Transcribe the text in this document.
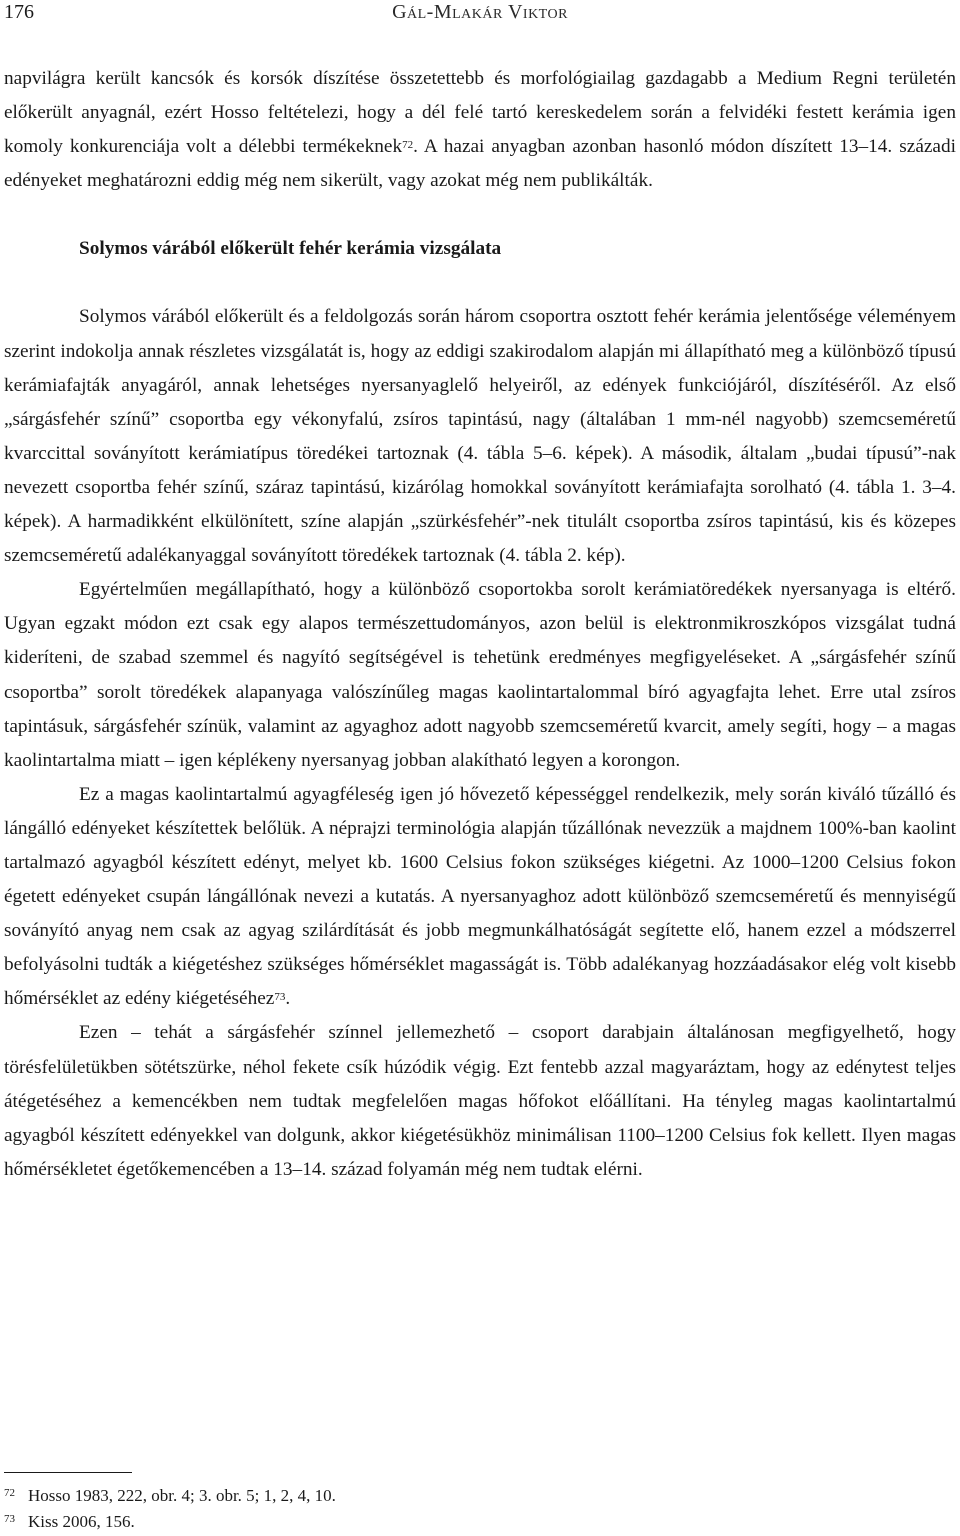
176	Gál-Mlakár Viktor

napvilágra került kancsók és korsók díszítése összetettebb és morfológiailag gazdagabb a Medium Regni területén előkerült anyagnál, ezért Hosso feltételezi, hogy a dél felé tartó kereskedelem során a felvidéki festett kerámia igen komoly konkurenciája volt a délebbi termékeknek$^{72}$. A hazai anyagban azonban hasonló módon díszített 13–14. századi edényeket meghatározni eddig még nem sikerült, vagy azokat még nem publikálták.

Solymos várából előkerült fehér kerámia vizsgálata

Solymos várából előkerült és a feldolgozás során három csoportra osztott fehér kerámia jelentősége véleményem szerint indokolja annak részletes vizsgálatát is, hogy az eddigi szakirodalom alapján mi állapítható meg a különböző típusú kerámiafajták anyagáról, annak lehetséges nyersanyaglelő helyeiről, az edények funkciójáról, díszítéséről. Az első „sárgásfehér színű” csoportba egy vékonyfalú, zsíros tapintású, nagy (általában 1 mm-nél nagyobb) szemcseméretű kvarccittal soványított kerámiatípus töredékei tartoznak (4. tábla 5–6. képek). A második, általam „budai típusú”-nak nevezett csoportba fehér színű, száraz tapintású, kizárólag homokkal soványított kerámiafajta sorolható (4. tábla 1. 3–4. képek). A harmadikként elkülönített, színe alapján „szürkésfehér”-nek titulált csoportba zsíros tapintású, kis és közepes szemcseméretű adalékanyaggal soványított töredékek tartoznak (4. tábla 2. kép).

Egyértelműen megállapítható, hogy a különböző csoportokba sorolt kerámiatöredékek nyersanyaga is eltérő. Ugyan egzakt módon ezt csak egy alapos természettudományos, azon belül is elektronmikroszkópos vizsgálat tudná kideríteni, de szabad szemmel és nagyító segítségével is tehetünk eredményes megfigyeléseket. A „sárgásfehér színű csoportba” sorolt töredékek alapanyaga valószínűleg magas kaolintartalommal bíró agyagfajta lehet. Erre utal zsíros tapintásuk, sárgásfehér színük, valamint az agyaghoz adott nagyobb szemcseméretű kvarcit, amely segíti, hogy – a magas kaolintartalma miatt – igen képlékeny nyersanyag jobban alakítható legyen a korongon.

Ez a magas kaolintartalmú agyagféleség igen jó hővezető képességgel rendelkezik, mely során kiváló tűzálló és lángálló edényeket készítettek belőlük. A néprajzi terminológia alapján tűzállónak nevezzük a majdnem 100%-ban kaolint tartalmazó agyagból készített edényt, melyet kb. 1600 Celsius fokon szükséges kiégetni. Az 1000–1200 Celsius fokon égetett edényeket csupán lángállónak nevezi a kutatás. A nyersanyaghoz adott különböző szemcseméretű és mennyiségű soványító anyag nem csak az agyag szilárdítását és jobb megmunkálhatóságát segítette elő, hanem ezzel a módszerrel befolyásolni tudták a kiégetéshez szükséges hőmérséklet magasságát is. Több adalékanyag hozzáadásakor elég volt kisebb hőmérséklet az edény kiégetéséhez$^{73}$.

Ezen – tehát a sárgásfehér színnel jellemezhető – csoport darabjain általánosan megfigyelhető, hogy törésfelületükben sötétszürke, néhol fekete csík húzódik végig. Ezt fentebb azzal magyaráztam, hogy az edénytest teljes átégetéséhez a kemencékben nem tudtak megfelelően magas hőfokot előállítani. Ha tényleg magas kaolintartalmú agyagból készített edényekkel van dolgunk, akkor kiégetésükhöz minimálisan 1100–1200 Celsius fok kellett. Ilyen magas hőmérsékletet égetőkemencében a 13–14. század folyamán még nem tudtak elérni.

72 Hosso 1983, 222, obr. 4; 3. obr. 5; 1, 2, 4, 10.
73 Kiss 2006, 156.
